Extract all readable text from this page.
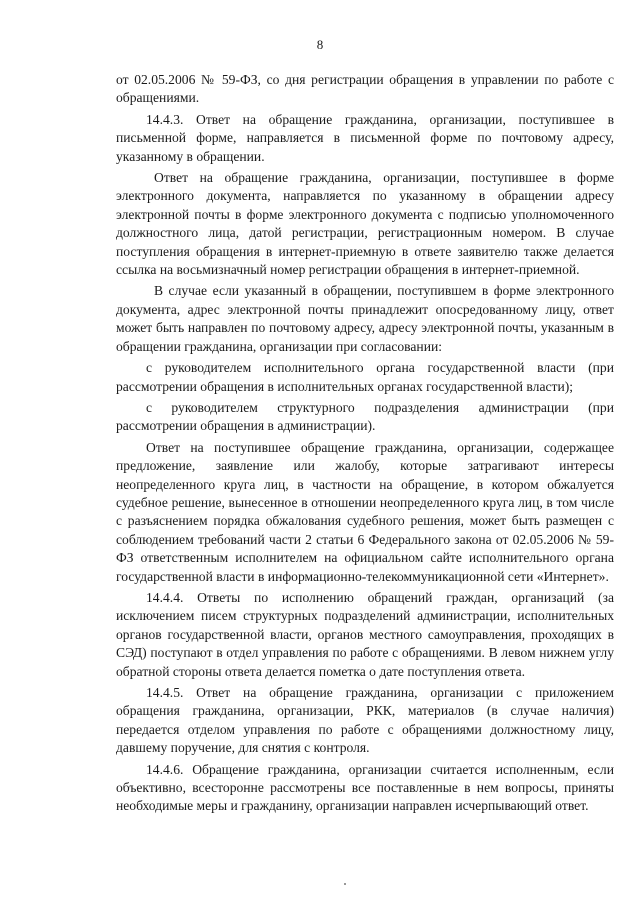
8

от 02.05.2006 № 59-ФЗ, со дня регистрации обращения в управлении по работе с обращениями.

14.4.3. Ответ на обращение гражданина, организации, поступившее в письменной форме, направляется в письменной форме по почтовому адресу, указанному в обращении.

Ответ на обращение гражданина, организации, поступившее в форме электронного документа, направляется по указанному в обращении адресу электронной почты в форме электронного документа с подписью уполномоченного должностного лица, датой регистрации, регистрационным номером. В случае поступления обращения в интернет-приемную в ответе заявителю также делается ссылка на восьмизначный номер регистрации обращения в интернет-приемной.

В случае если указанный в обращении, поступившем в форме электронного документа, адрес электронной почты принадлежит опосредованному лицу, ответ может быть направлен по почтовому адресу, адресу электронной почты, указанным в обращении гражданина, организации при согласовании:

с руководителем исполнительного органа государственной власти (при рассмотрении обращения в исполнительных органах государственной власти);

с руководителем структурного подразделения администрации (при рассмотрении обращения в администрации).

Ответ на поступившее обращение гражданина, организации, содержащее предложение, заявление или жалобу, которые затрагивают интересы неопределенного круга лиц, в частности на обращение, в котором обжалуется судебное решение, вынесенное в отношении неопределенного круга лиц, в том числе с разъяснением порядка обжалования судебного решения, может быть размещен с соблюдением требований части 2 статьи 6 Федерального закона от 02.05.2006 № 59-ФЗ ответственным исполнителем на официальном сайте исполнительного органа государственной власти в информационно-телекоммуникационной сети «Интернет».

14.4.4. Ответы по исполнению обращений граждан, организаций (за исключением писем структурных подразделений администрации, исполнительных органов государственной власти, органов местного самоуправления, проходящих в СЭД) поступают в отдел управления по работе с обращениями. В левом нижнем углу обратной стороны ответа делается пометка о дате поступления ответа.

14.4.5. Ответ на обращение гражданина, организации с приложением обращения гражданина, организации, РКК, материалов (в случае наличия) передается отделом управления по работе с обращениями должностному лицу, давшему поручение, для снятия с контроля.

14.4.6. Обращение гражданина, организации считается исполненным, если объективно, всесторонне рассмотрены все поставленные в нем вопросы, приняты необходимые меры и гражданину, организации направлен исчерпывающий ответ.
